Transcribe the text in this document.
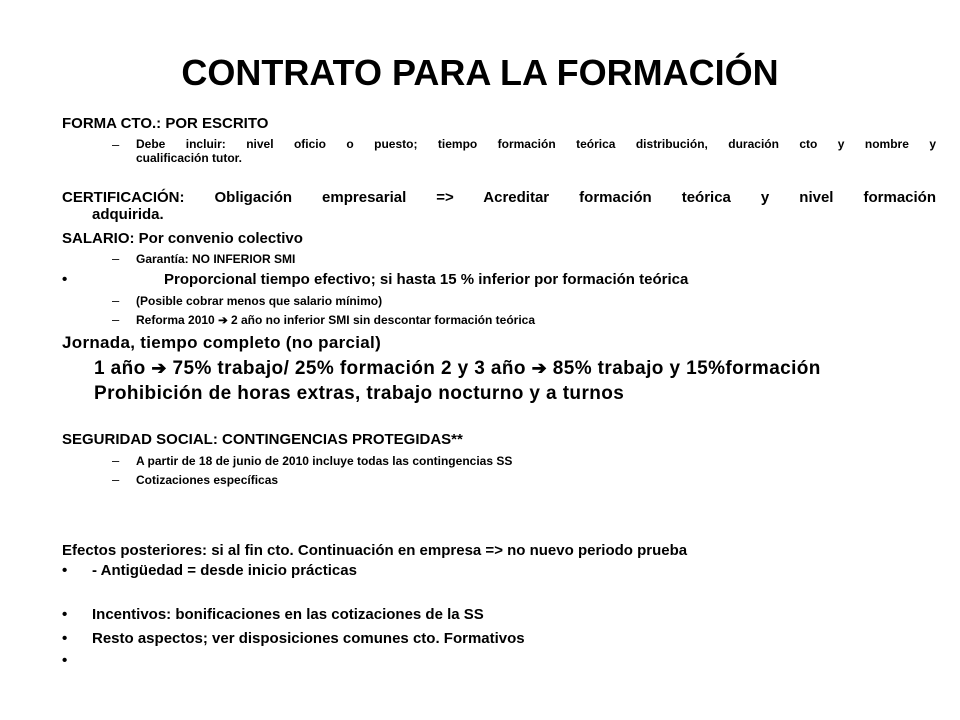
CONTRATO PARA LA FORMACIÓN
FORMA CTO.: POR ESCRITO
– Debe incluir: nivel oficio o puesto; tiempo formación teórica distribución, duración cto y nombre y
cualificación tutor.
CERTIFICACIÓN: Obligación empresarial => Acreditar formación teórica y nivel formación
adquirida.
SALARIO: Por convenio colectivo
– Garantía: NO INFERIOR SMI
•	Proporcional tiempo efectivo; si hasta 15 % inferior por formación teórica
– (Posible cobrar menos que salario mínimo)
– Reforma 2010 ➔ 2 año no inferior SMI sin descontar formación teórica
Jornada, tiempo completo (no parcial)
1 año ➔ 75% trabajo/ 25% formación 2 y 3 año ➔ 85% trabajo y 15%formación
Prohibición de horas extras, trabajo nocturno y a turnos
SEGURIDAD SOCIAL: CONTINGENCIAS PROTEGIDAS**
– A partir de 18 de junio de 2010 incluye todas las contingencias SS
– Cotizaciones específicas
Efectos posteriores: si al fin cto. Continuación en empresa => no nuevo periodo prueba
• - Antigüedad = desde inicio prácticas
• Incentivos: bonificaciones en las cotizaciones de la SS
• Resto aspectos; ver disposiciones comunes cto. Formativos
•
